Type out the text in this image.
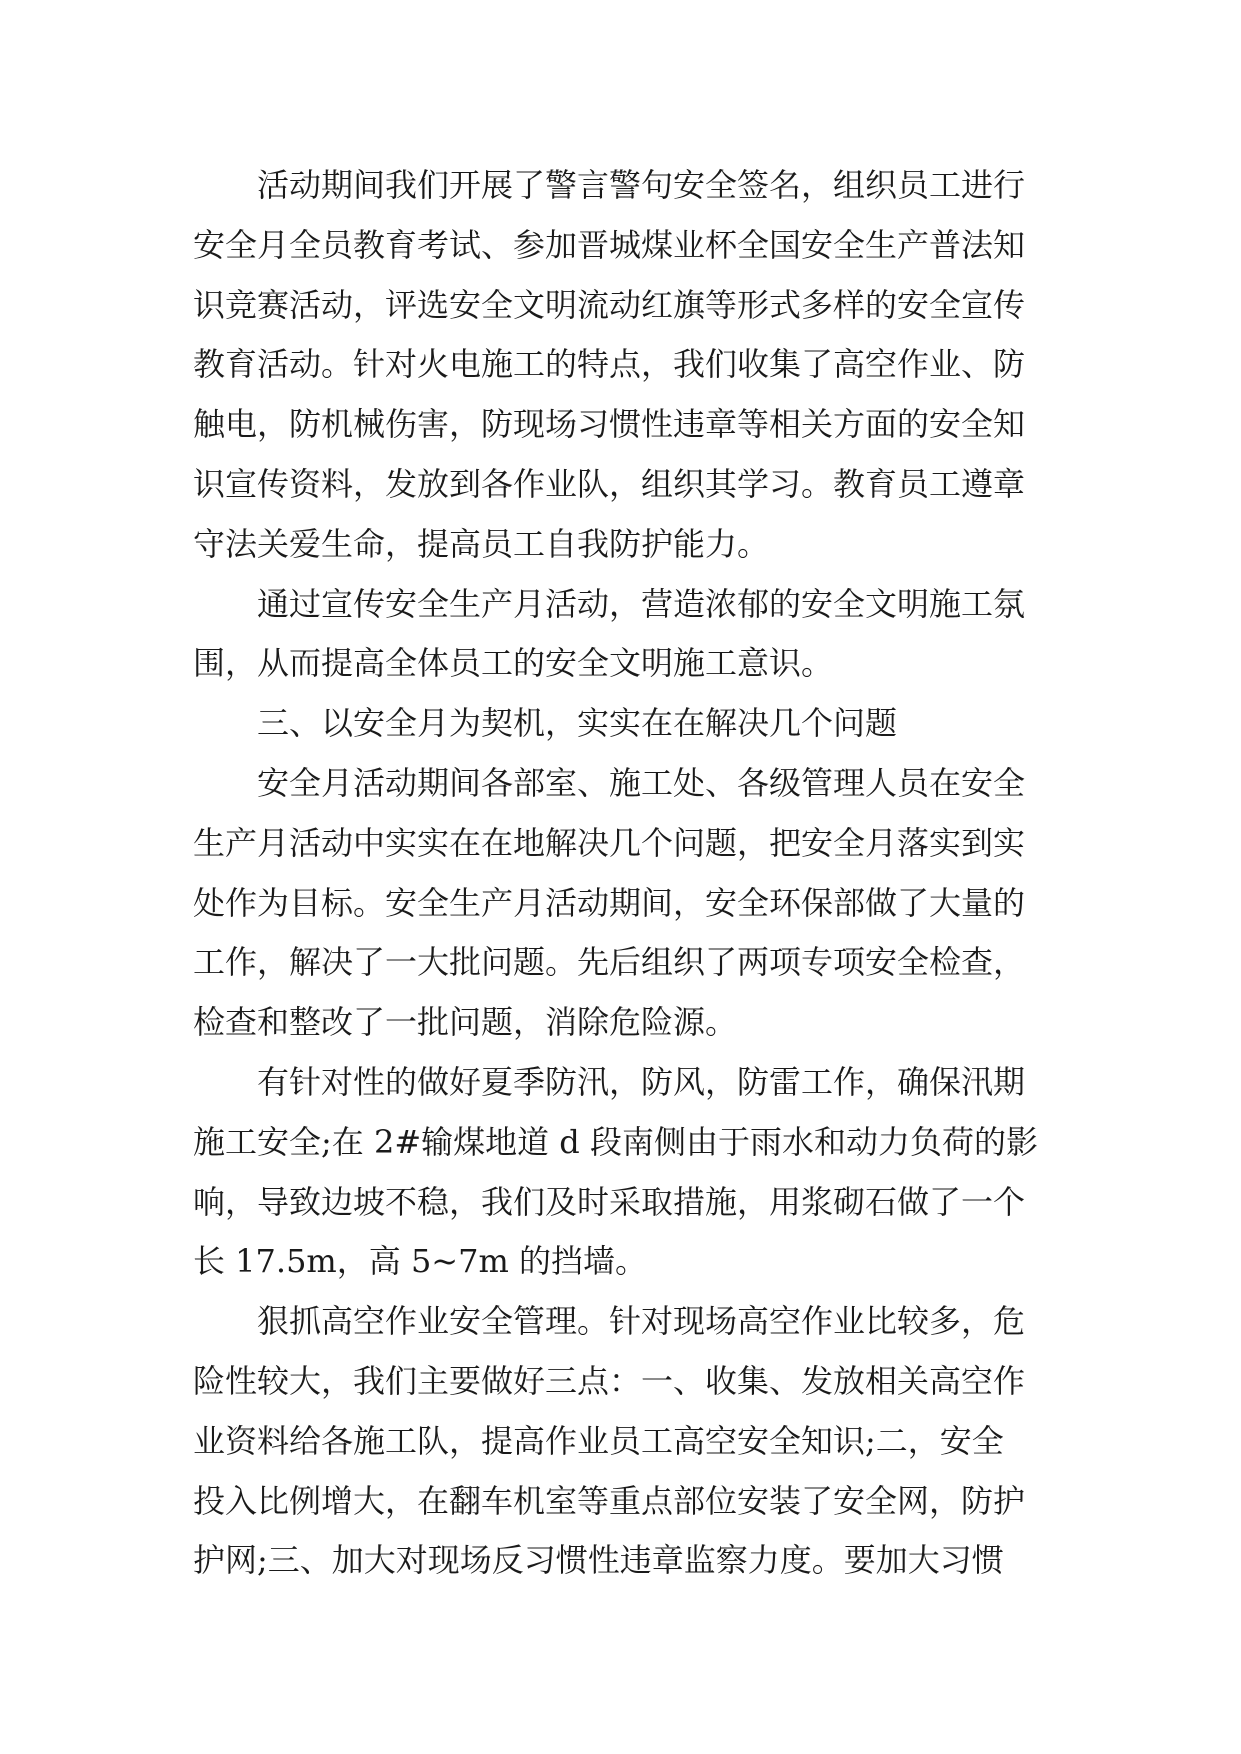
活动期间我们开展了警言警句安全签名，组织员工进行
安全月全员教育考试、参加晋城煤业杯全国安全生产普法知
识竞赛活动，评选安全文明流动红旗等形式多样的安全宣传
教育活动。针对火电施工的特点，我们收集了高空作业、防
触电，防机械伤害，防现场习惯性违章等相关方面的安全知
识宣传资料，发放到各作业队，组织其学习。教育员工遵章
守法关爱生命，提高员工自我防护能力。
通过宣传安全生产月活动，营造浓郁的安全文明施工氛
围，从而提高全体员工的安全文明施工意识。
三、以安全月为契机，实实在在解决几个问题
安全月活动期间各部室、施工处、各级管理人员在安全
生产月活动中实实在在地解决几个问题，把安全月落实到实
处作为目标。安全生产月活动期间，安全环保部做了大量的
工作，解决了一大批问题。先后组织了两项专项安全检查，
检查和整改了一批问题，消除危险源。
有针对性的做好夏季防汛，防风，防雷工作，确保汛期
施工安全;在 2#输煤地道 d 段南侧由于雨水和动力负荷的影
响，导致边坡不稳，我们及时采取措施，用浆砌石做了一个
长 17.5m，高 5~7m 的挡墙。
狠抓高空作业安全管理。针对现场高空作业比较多，危
险性较大，我们主要做好三点：一、收集、发放相关高空作
业资料给各施工队，提高作业员工高空安全知识;二，安全
投入比例增大，在翻车机室等重点部位安装了安全网，防护
护网;三、加大对现场反习惯性违章监察力度。要加大习惯
